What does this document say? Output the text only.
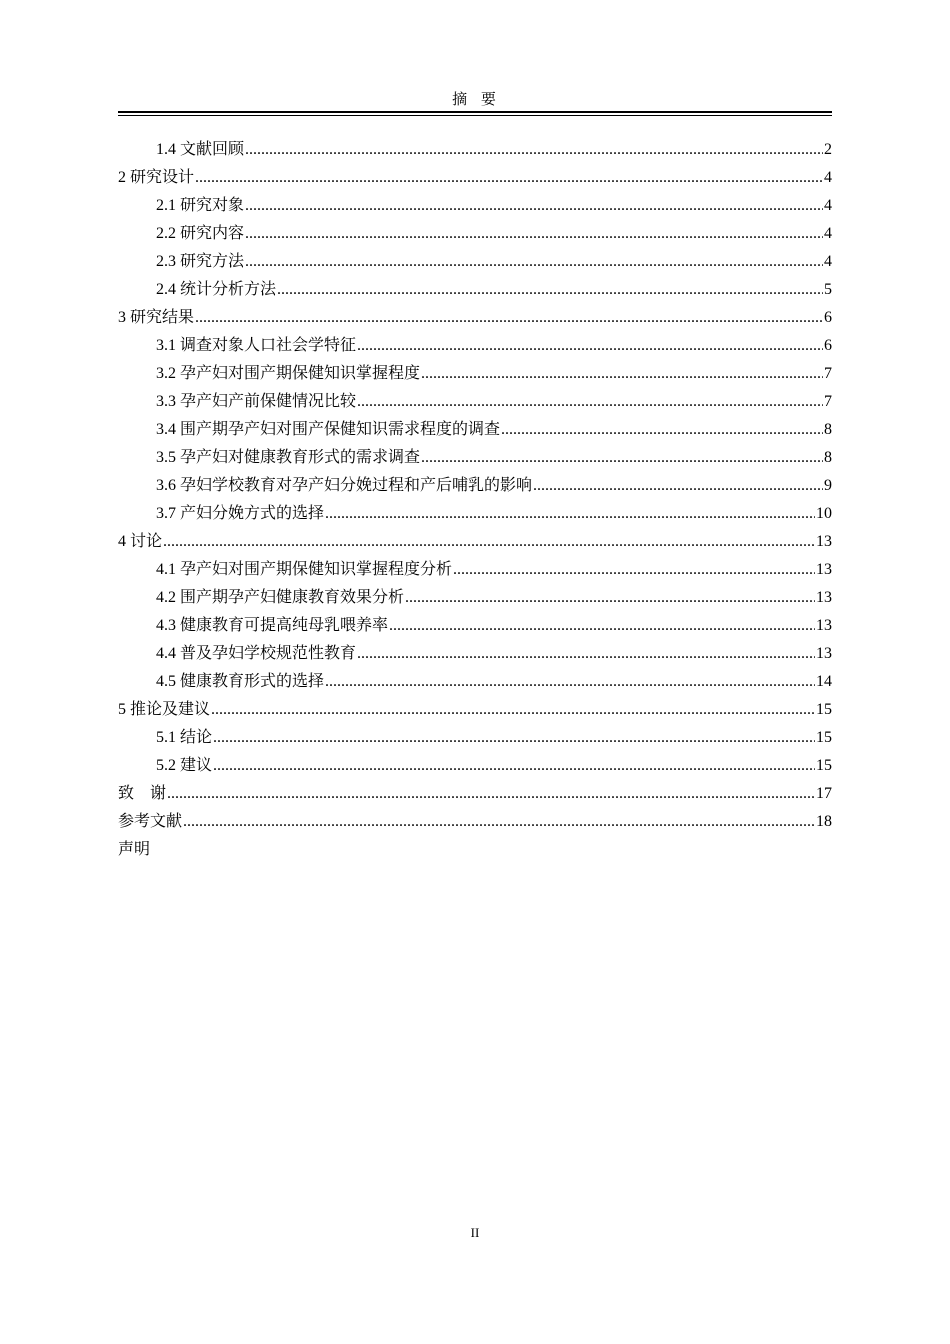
摘 要
1.4 文献回顾 .....	2
2 研究设计 .....	4
2.1 研究对象 .....	4
2.2 研究内容 .....	4
2.3 研究方法 .....	4
2.4 统计分析方法 .....	5
3 研究结果 .....	6
3.1 调查对象人口社会学特征 .....	6
3.2 孕产妇对围产期保健知识掌握程度 .....	7
3.3 孕产妇产前保健情况比较 .....	7
3.4 围产期孕产妇对围产保健知识需求程度的调查 .....	8
3.5 孕产妇对健康教育形式的需求调查 .....	8
3.6 孕妇学校教育对孕产妇分娩过程和产后哺乳的影响 .....	9
3.7 产妇分娩方式的选择 .....	10
4 讨论 .....	13
4.1 孕产妇对围产期保健知识掌握程度分析 .....	13
4.2 围产期孕产妇健康教育效果分析 .....	13
4.3 健康教育可提高纯母乳喂养率 .....	13
4.4 普及孕妇学校规范性教育 .....	13
4.5 健康教育形式的选择 .....	14
5 推论及建议 .....	15
5.1 结论 .....	15
5.2 建议 .....	15
致    谢 .....	17
参考文献 .....	18
声明
II
